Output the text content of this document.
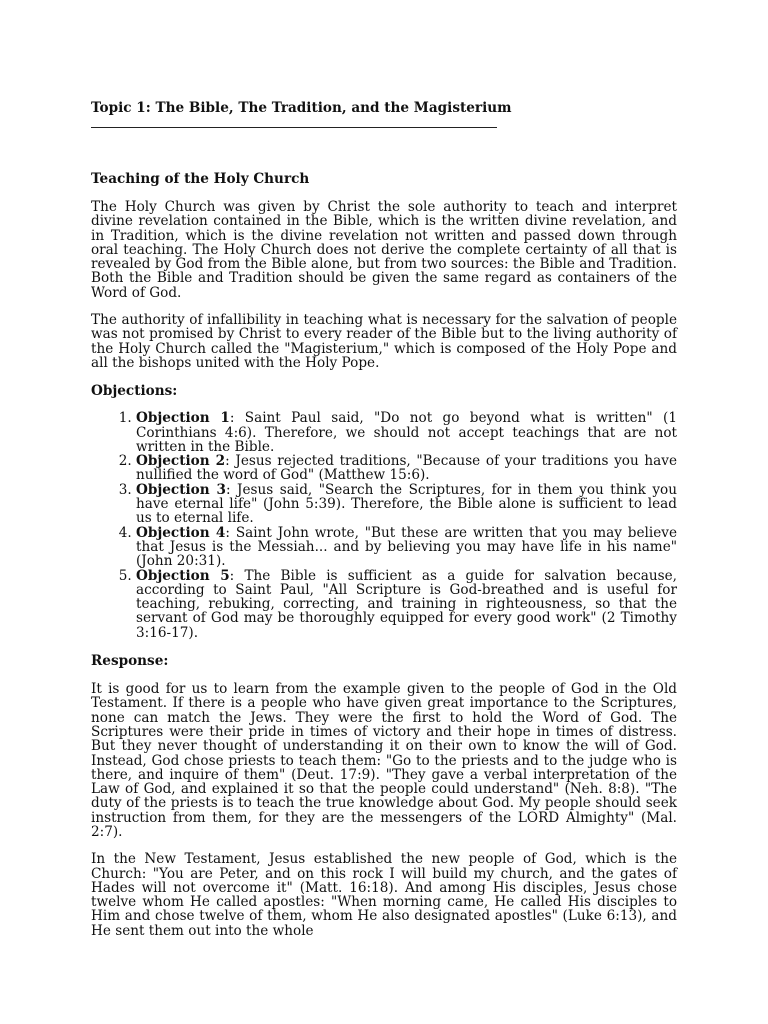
Topic 1: The Bible, The Tradition, and the Magisterium
Teaching of the Holy Church

The Holy Church was given by Christ the sole authority to teach and interpret divine revelation contained in the Bible, which is the written divine revelation, and in Tradition, which is the divine revelation not written and passed down through oral teaching. The Holy Church does not derive the complete certainty of all that is revealed by God from the Bible alone, but from two sources: the Bible and Tradition. Both the Bible and Tradition should be given the same regard as containers of the Word of God.

The authority of infallibility in teaching what is necessary for the salvation of people was not promised by Christ to every reader of the Bible but to the living authority of the Holy Church called the "Magisterium," which is composed of the Holy Pope and all the bishops united with the Holy Pope.

Objections:
1. Objection 1: Saint Paul said, "Do not go beyond what is written" (1 Corinthians 4:6). Therefore, we should not accept teachings that are not written in the Bible.
2. Objection 2: Jesus rejected traditions, "Because of your traditions you have nullified the word of God" (Matthew 15:6).
3. Objection 3: Jesus said, "Search the Scriptures, for in them you think you have eternal life" (John 5:39). Therefore, the Bible alone is sufficient to lead us to eternal life.
4. Objection 4: Saint John wrote, "But these are written that you may believe that Jesus is the Messiah... and by believing you may have life in his name" (John 20:31).
5. Objection 5: The Bible is sufficient as a guide for salvation because, according to Saint Paul, "All Scripture is God-breathed and is useful for teaching, rebuking, correcting, and training in righteousness, so that the servant of God may be thoroughly equipped for every good work" (2 Timothy 3:16-17).
Response:

It is good for us to learn from the example given to the people of God in the Old Testament. If there is a people who have given great importance to the Scriptures, none can match the Jews. They were the first to hold the Word of God. The Scriptures were their pride in times of victory and their hope in times of distress. But they never thought of understanding it on their own to know the will of God. Instead, God chose priests to teach them: "Go to the priests and to the judge who is there, and inquire of them" (Deut. 17:9). "They gave a verbal interpretation of the Law of God, and explained it so that the people could understand" (Neh. 8:8). "The duty of the priests is to teach the true knowledge about God. My people should seek instruction from them, for they are the messengers of the LORD Almighty" (Mal. 2:7).

In the New Testament, Jesus established the new people of God, which is the Church: "You are Peter, and on this rock I will build my church, and the gates of Hades will not overcome it" (Matt. 16:18). And among His disciples, Jesus chose twelve whom He called apostles: "When morning came, He called His disciples to Him and chose twelve of them, whom He also designated apostles" (Luke 6:13), and He sent them out into the whole
